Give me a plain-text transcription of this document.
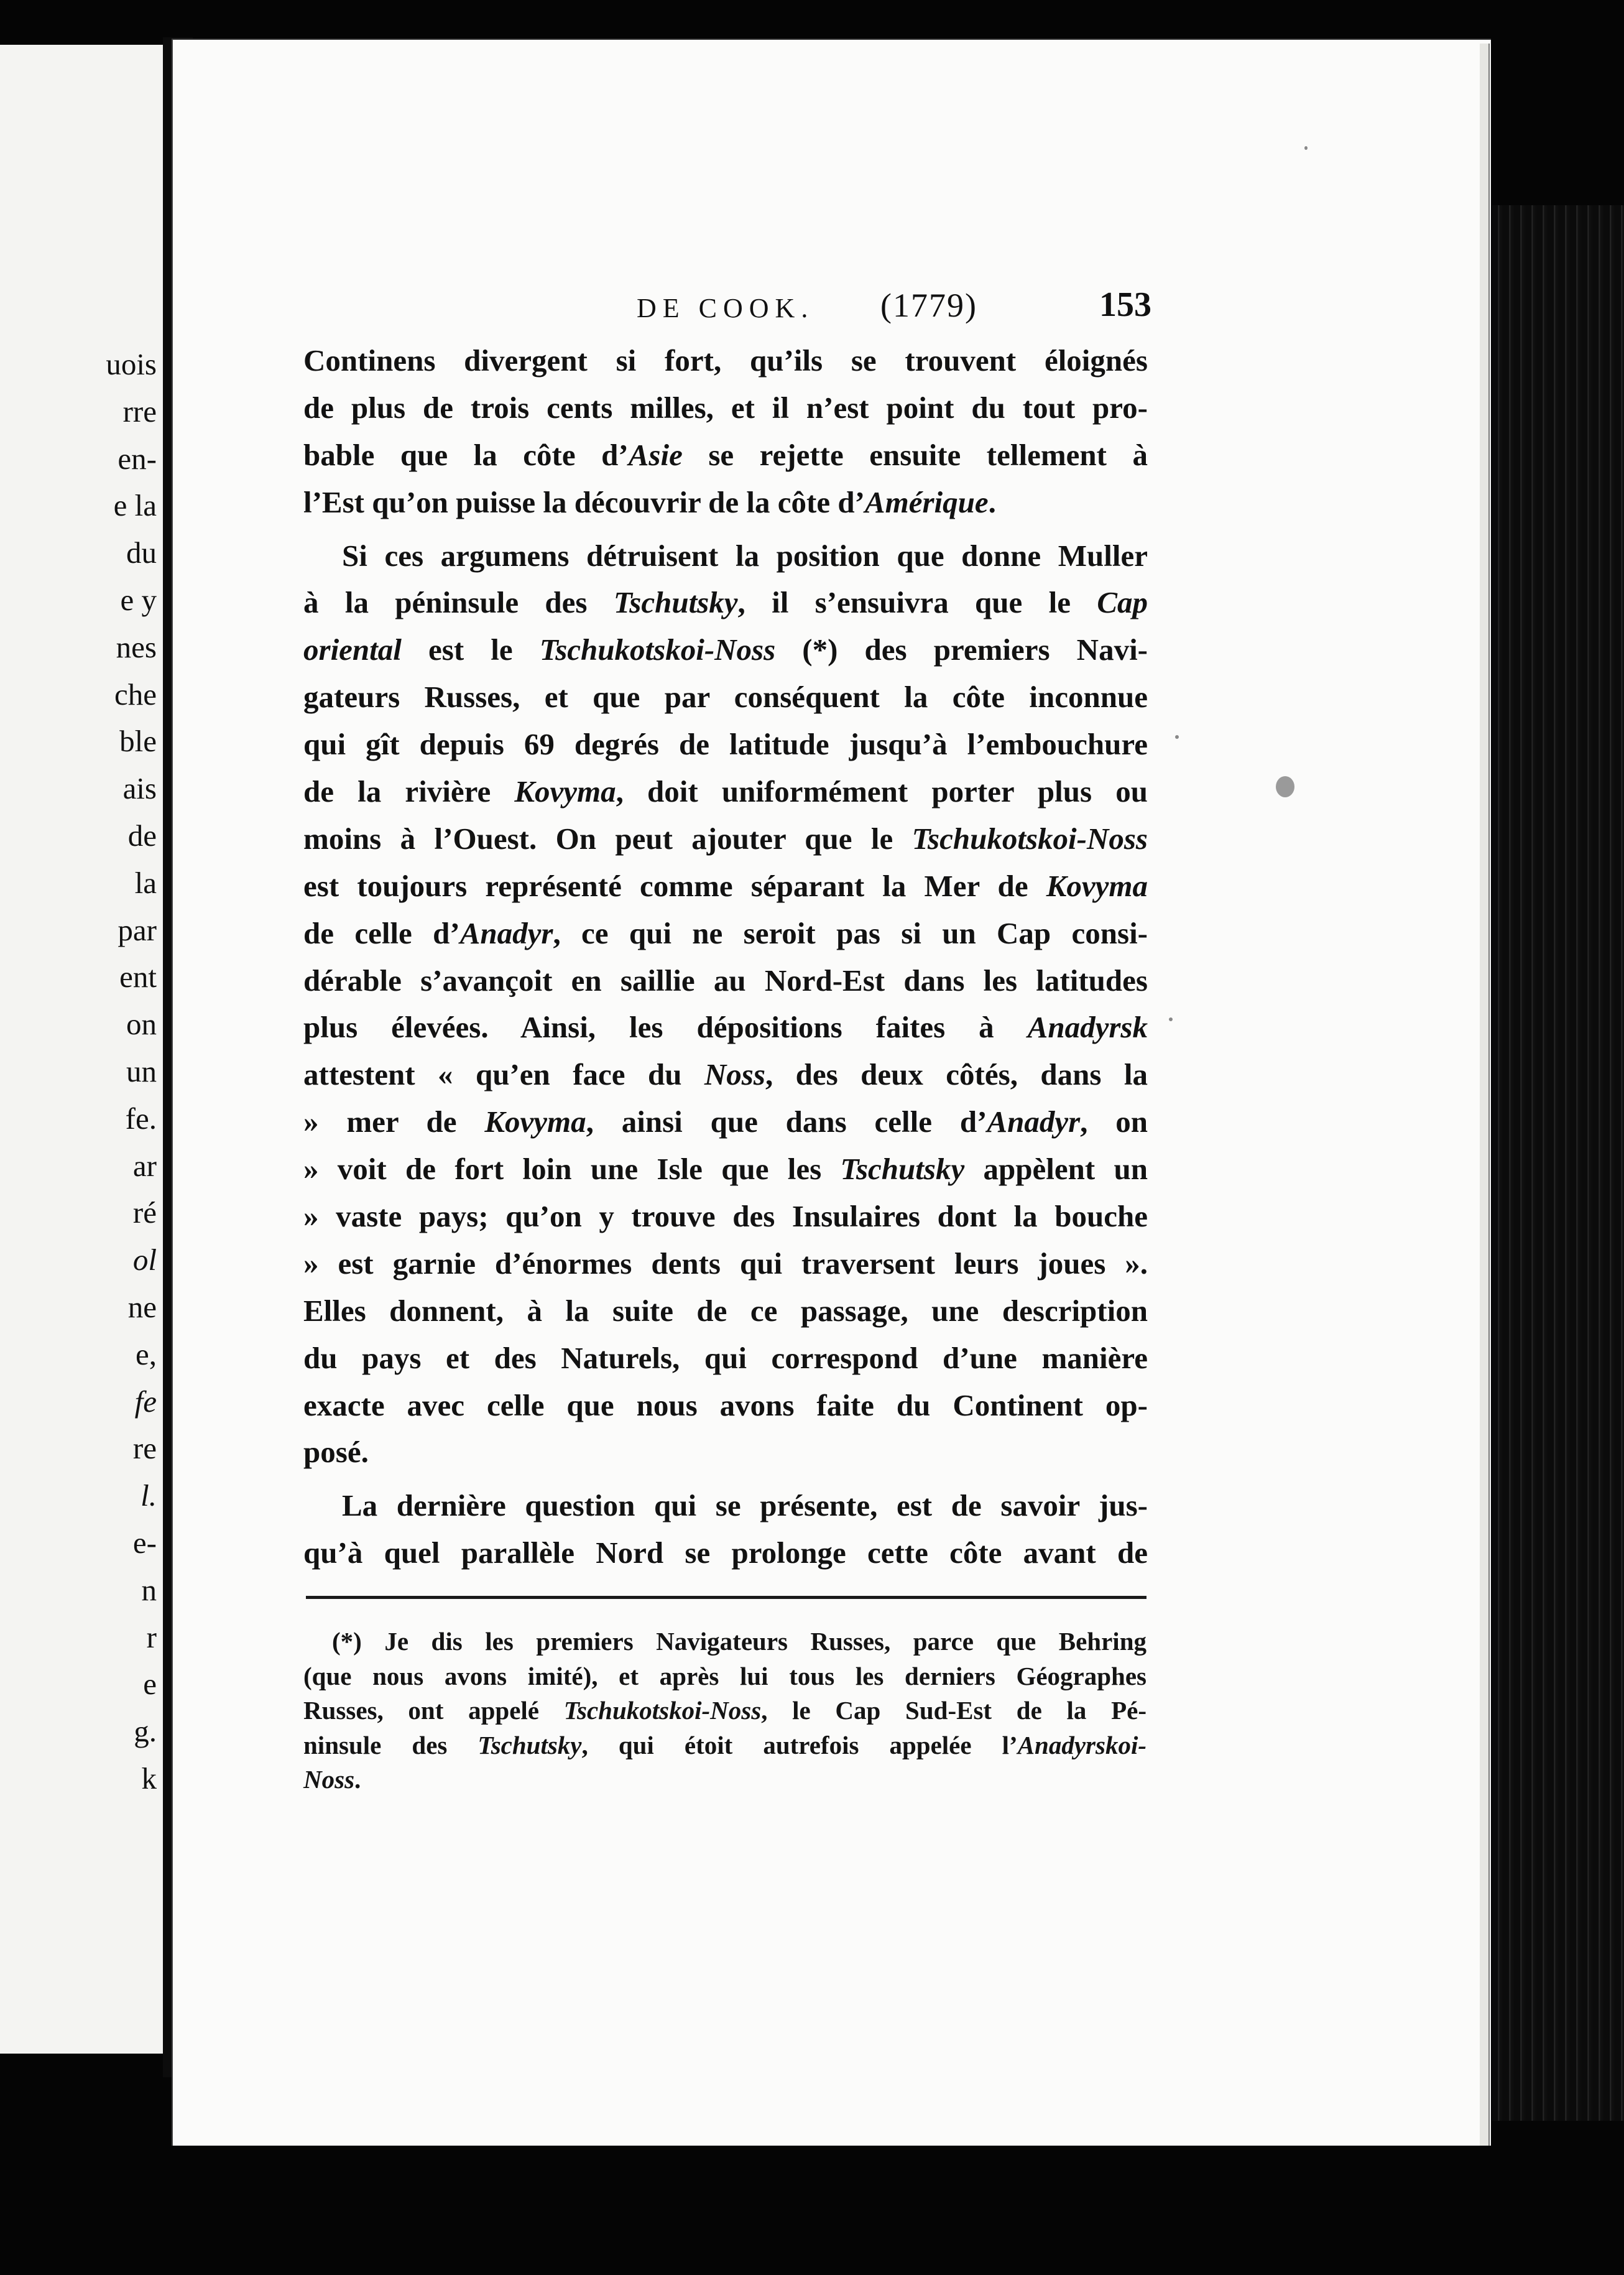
uois
rre
en-
e la
du
e y
nes
che
ble
ais
de
la
par
ent
on
un
fe.
ar
ré
ol
ne
e,
fe
re
l.
e-
n
r
e
g.
k
DE COOK. (1779)	153
Continens divergent si fort, qu’ils se trouvent éloignés
de plus de trois cents milles, et il n’est point du tout pro-
bable que la côte d’Asie se rejette ensuite tellement à
l’Est qu’on puisse la découvrir de la côte d’Amérique.
Si ces argumens détruisent la position que donne Muller
à la péninsule des Tschutsky, il s’ensuivra que le Cap
oriental est le Tschukotskoi-Noss (*) des premiers Navi-
gateurs Russes, et que par conséquent la côte inconnue
qui gît depuis 69 degrés de latitude jusqu’à l’embouchure
de la rivière Kovyma, doit uniformément porter plus ou
moins à l’Ouest. On peut ajouter que le Tschukotskoi-Noss
est toujours représenté comme séparant la Mer de Kovyma
de celle d’Anadyr, ce qui ne seroit pas si un Cap consi-
dérable s’avançoit en saillie au Nord-Est dans les latitudes
plus élevées. Ainsi, les dépositions faites à Anadyrsk
attestent « qu’en face du Noss, des deux côtés, dans la
» mer de Kovyma, ainsi que dans celle d’Anadyr, on
» voit de fort loin une Isle que les Tschutsky appèlent un
» vaste pays; qu’on y trouve des Insulaires dont la bouche
» est garnie d’énormes dents qui traversent leurs joues ».
Elles donnent, à la suite de ce passage, une description
du pays et des Naturels, qui correspond d’une manière
exacte avec celle que nous avons faite du Continent op-
posé.
La dernière question qui se présente, est de savoir jus-
qu’à quel parallèle Nord se prolonge cette côte avant de
(*) Je dis les premiers Navigateurs Russes, parce que Behring
(que nous avons imité), et après lui tous les derniers Géographes
Russes, ont appelé Tschukotskoi-Noss, le Cap Sud-Est de la Pé-
ninsule des Tschutsky, qui étoit autrefois appelée l’Anadyrskoi-
Noss.
